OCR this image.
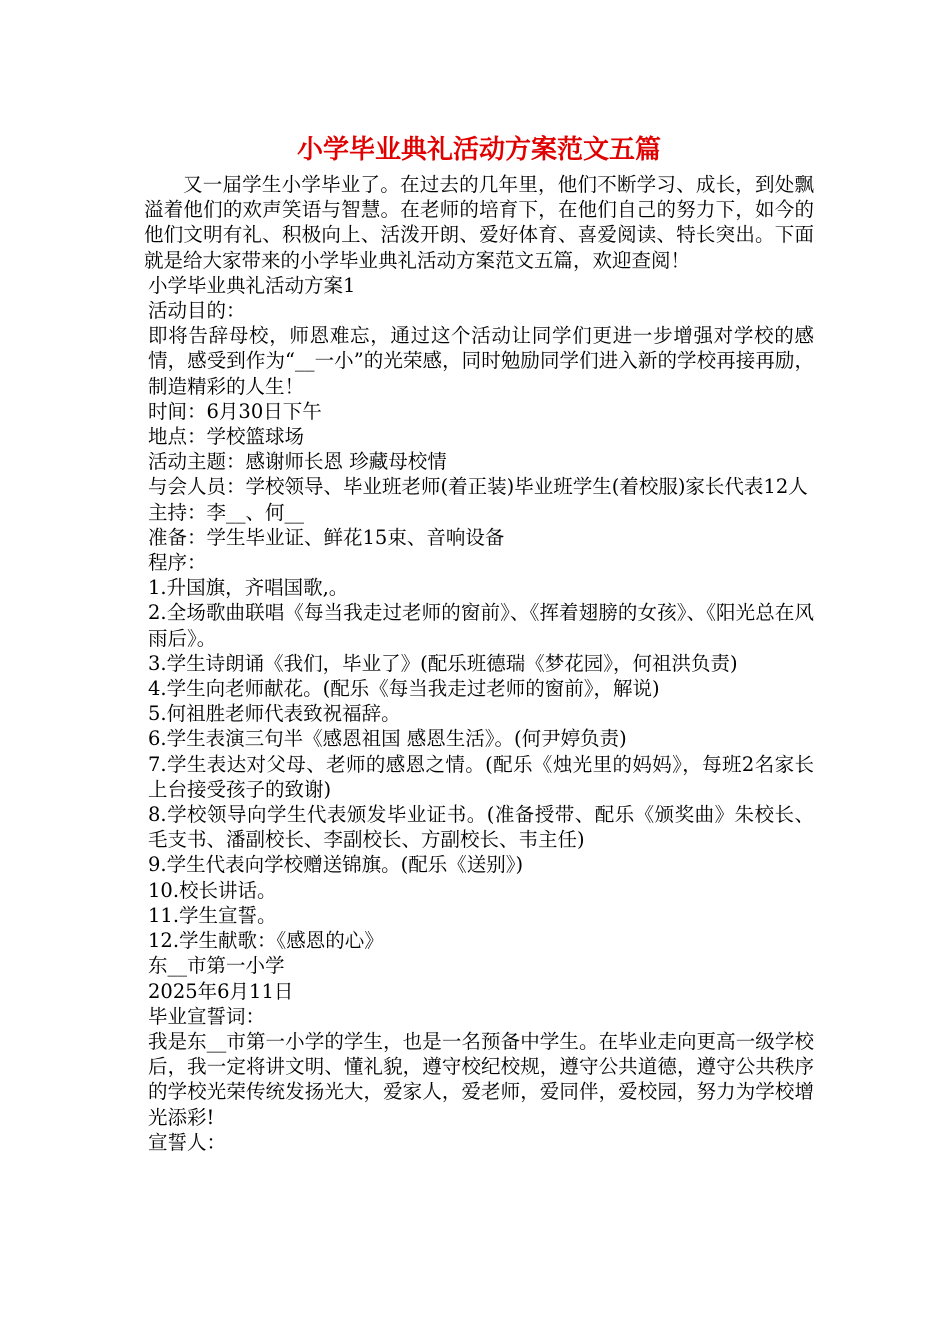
小学毕业典礼活动方案范文五篇

又一届学生小学毕业了。在过去的几年里，他们不断学习、成长，到处飘溢着他们的欢声笑语与智慧。在老师的培育下，在他们自己的努力下，如今的他们文明有礼、积极向上、活泼开朗、爱好体育、喜爱阅读、特长突出。下面就是给大家带来的小学毕业典礼活动方案范文五篇，欢迎查阅！

小学毕业典礼活动方案1

活动目的：

即将告辞母校，师恩难忘，通过这个活动让同学们更进一步增强对学校的感情，感受到作为“__一小”的光荣感，同时勉励同学们进入新的学校再接再励，制造精彩的人生！

时间：6月30日下午

地点：学校篮球场

活动主题：感谢师长恩 珍藏母校情

与会人员：学校领导、毕业班老师(着正装)毕业班学生(着校服)家长代表12人

主持：李__、何__

准备：学生毕业证、鲜花15束、音响设备

程序：

1.升国旗，齐唱国歌,。

2.全场歌曲联唱《每当我走过老师的窗前》、《挥着翅膀的女孩》、《阳光总在风雨后》。

3.学生诗朗诵《我们，毕业了》(配乐班德瑞《梦花园》，何祖洪负责)

4.学生向老师献花。(配乐《每当我走过老师的窗前》，解说)

5.何祖胜老师代表致祝福辞。

6.学生表演三句半《感恩祖国 感恩生活》。(何尹婷负责)

7.学生表达对父母、老师的感恩之情。(配乐《烛光里的妈妈》，每班2名家长上台接受孩子的致谢)

8.学校领导向学生代表颁发毕业证书。(准备授带、配乐《颁奖曲》朱校长、毛支书、潘副校长、李副校长、方副校长、韦主任)

9.学生代表向学校赠送锦旗。(配乐《送别》)

10.校长讲话。

11.学生宣誓。

12.学生献歌：《感恩的心》

东__市第一小学

2025年6月11日

毕业宣誓词：

我是东__市第一小学的学生，也是一名预备中学生。在毕业走向更高一级学校后，我一定将讲文明、懂礼貌，遵守校纪校规，遵守公共道德，遵守公共秩序的学校光荣传统发扬光大，爱家人，爱老师，爱同伴，爱校园，努力为学校增光添彩!

宣誓人：
